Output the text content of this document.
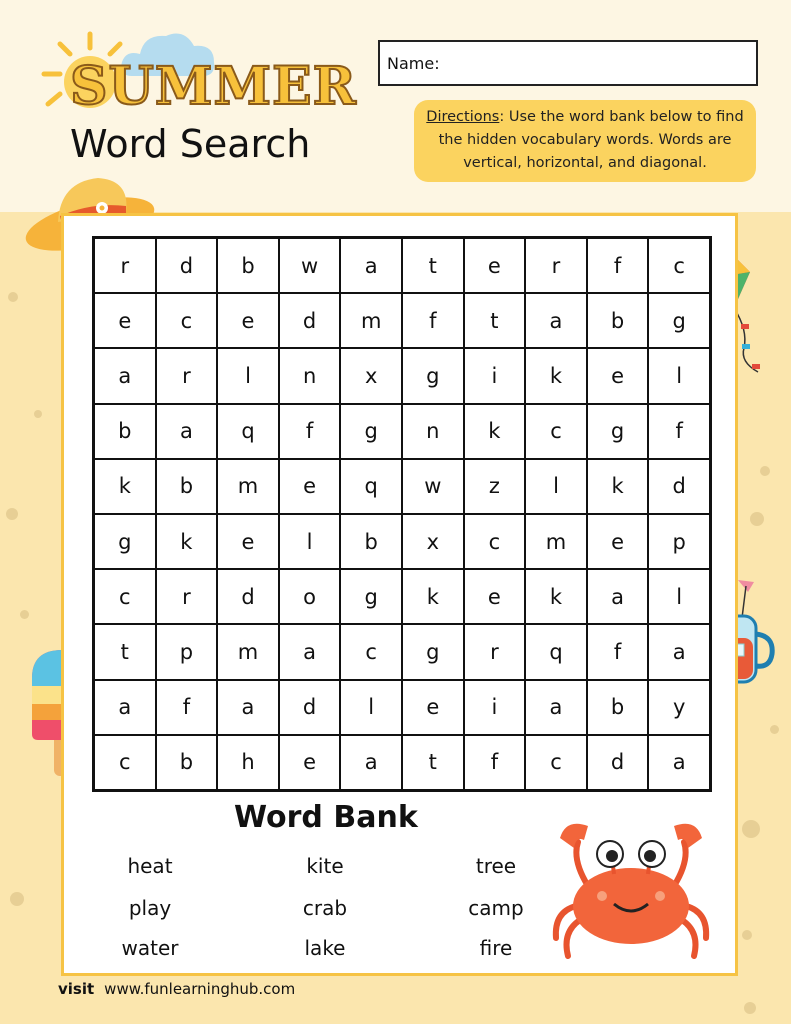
SUMMER
Word Search
Name:
Directions: Use the word bank below to find the hidden vocabulary words. Words are vertical, horizontal, and diagonal.
r	d	b	w	a	t	e	r	f	c
e	c	e	d	m	f	t	a	b	g
a	r	l	n	x	g	i	k	e	l
b	a	q	f	g	n	k	c	g	f
k	b	m	e	q	w	z	l	k	d
g	k	e	l	b	x	c	m	e	p
c	r	d	o	g	k	e	k	a	l
t	p	m	a	c	g	r	q	f	a
a	f	a	d	l	e	i	a	b	y
c	b	h	e	a	t	f	c	d	a
Word Bank
heat	kite	tree
play	crab	camp
water	lake	fire
visit www.funlearninghub.com
